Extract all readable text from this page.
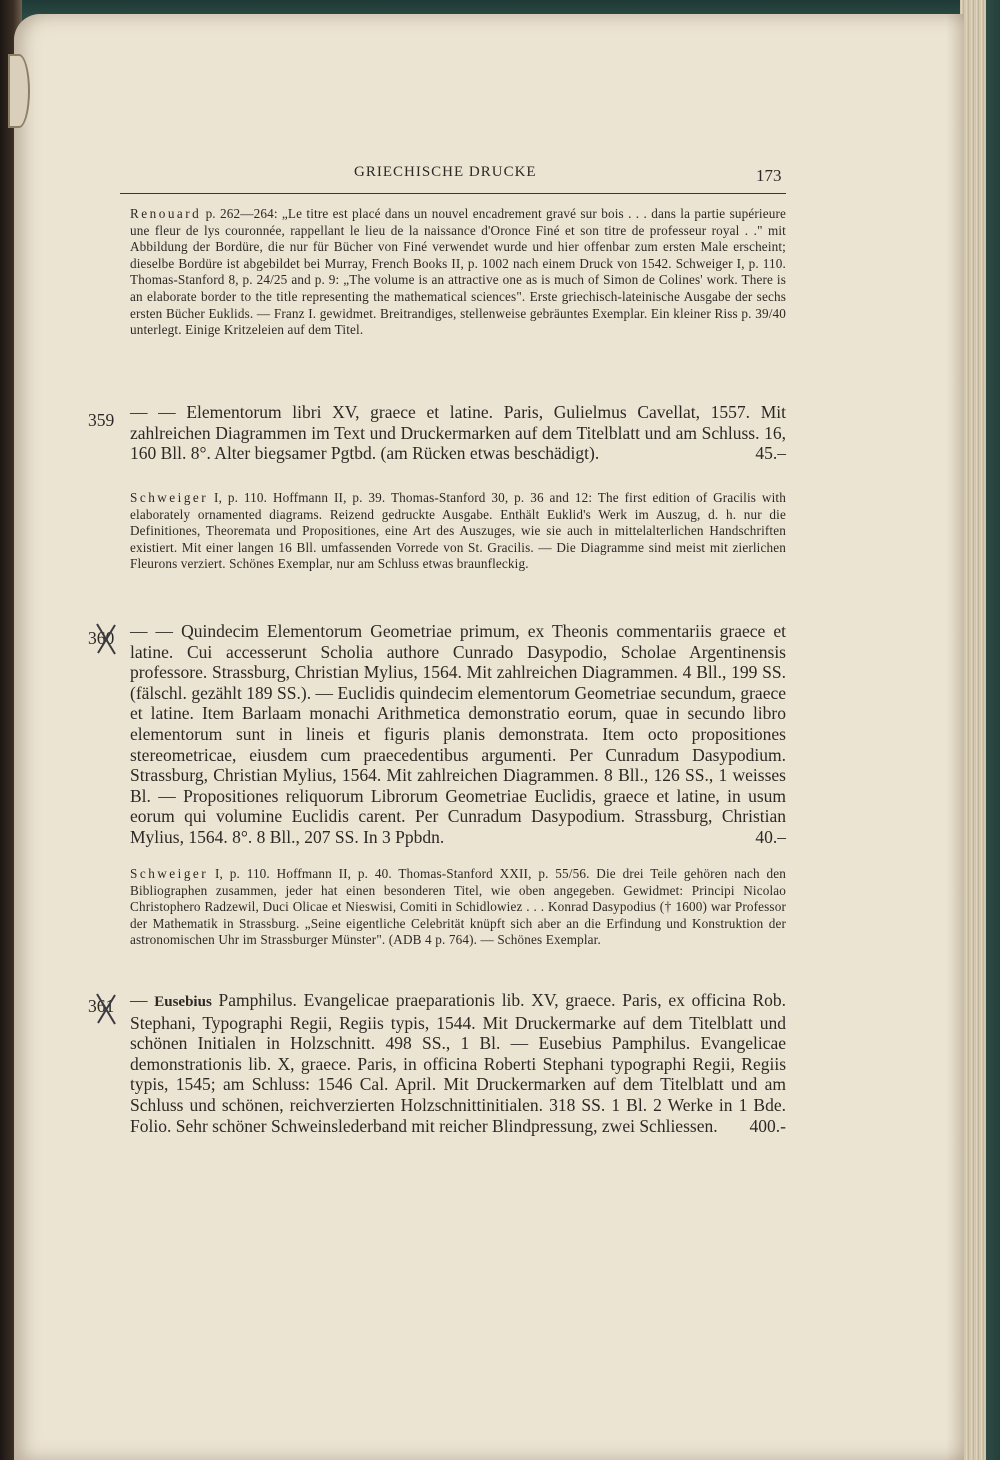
GRIECHISCHE DRUCKE	173

Renouard p. 262—264: „Le titre est placé dans un nouvel encadrement gravé sur bois . . . dans la partie supérieure une fleur de lys couronnée, rappellant le lieu de la naissance d'Oronce Finé et son titre de professeur royal . ." mit Abbildung der Bordüre, die nur für Bücher von Finé verwendet wurde und hier offenbar zum ersten Male erscheint; dieselbe Bordüre ist abgebildet bei Murray, French Books II, p. 1002 nach einem Druck von 1542. Schweiger I, p. 110. Thomas-Stanford 8, p. 24/25 and p. 9: „The volume is an attractive one as is much of Simon de Colines' work. There is an elaborate border to the title representing the mathematical sciences". Erste griechisch-lateinische Ausgabe der sechs ersten Bücher Euklids. — Franz I. gewidmet. Breitrandiges, stellenweise gebräuntes Exemplar. Ein kleiner Riss p. 39/40 unterlegt. Einige Kritzeleien auf dem Titel.

359 — — Elementorum libri XV, graece et latine. Paris, Gulielmus Cavellat, 1557. Mit zahlreichen Diagrammen im Text und Druckermarken auf dem Titelblatt und am Schluss. 16, 160 Bll. 8°. Alter biegsamer Pgtbd. (am Rücken etwas beschädigt).	45.–

Schweiger I, p. 110. Hoffmann II, p. 39. Thomas-Stanford 30, p. 36 and 12: The first edition of Gracilis with elaborately ornamented diagrams. Reizend gedruckte Ausgabe. Enthält Euklid's Werk im Auszug, d. h. nur die Definitiones, Theoremata und Propositiones, eine Art des Auszuges, wie sie auch in mittelalterlichen Handschriften existiert. Mit einer langen 16 Bll. umfassenden Vorrede von St. Gracilis. — Die Diagramme sind meist mit zierlichen Fleurons verziert. Schönes Exemplar, nur am Schluss etwas braunfleckig.

360 — — Quindecim Elementorum Geometriae primum, ex Theonis commentariis graece et latine. Cui accesserunt Scholia authore Cunrado Dasypodio, Scholae Argentinensis professore. Strassburg, Christian Mylius, 1564. Mit zahlreichen Diagrammen. 4 Bll., 199 SS. (fälschl. gezählt 189 SS.). — Euclidis quindecim elementorum Geometriae secundum, graece et latine. Item Barlaam monachi Arithmetica demonstratio eorum, quae in secundo libro elementorum sunt in lineis et figuris planis demonstrata. Item octo propositiones stereometricae, eiusdem cum praecedentibus argumenti. Per Cunradum Dasypodium. Strassburg, Christian Mylius, 1564. Mit zahlreichen Diagrammen. 8 Bll., 126 SS., 1 weisses Bl. — Propositiones reliquorum Librorum Geometriae Euclidis, graece et latine, in usum eorum qui volumine Euclidis carent. Per Cunradum Dasypodium. Strassburg, Christian Mylius, 1564. 8°. 8 Bll., 207 SS. In 3 Ppbdn.	40.–

Schweiger I, p. 110. Hoffmann II, p. 40. Thomas-Stanford XXII, p. 55/56. Die drei Teile gehören nach den Bibliographen zusammen, jeder hat einen besonderen Titel, wie oben angegeben. Gewidmet: Principi Nicolao Christophero Radzewil, Duci Olicae et Nieswisi, Comiti in Schidlowiez . . . Konrad Dasypodius († 1600) war Professor der Mathematik in Strassburg. „Seine eigentliche Celebrität knüpft sich aber an die Erfindung und Konstruktion der astronomischen Uhr im Strassburger Münster". (ADB 4 p. 764). — Schönes Exemplar.

361 — Eusebius Pamphilus. Evangelicae praeparationis lib. XV, graece. Paris, ex officina Rob. Stephani, Typographi Regii, Regiis typis, 1544. Mit Druckermarke auf dem Titelblatt und schönen Initialen in Holzschnitt. 498 SS., 1 Bl. — Eusebius Pamphilus. Evangelicae demonstrationis lib. X, graece. Paris, in officina Roberti Stephani typographi Regii, Regiis typis, 1545; am Schluss: 1546 Cal. April. Mit Druckermarken auf dem Titelblatt und am Schluss und schönen, reichverzierten Holzschnittinitialen. 318 SS. 1 Bl. 2 Werke in 1 Bde. Folio. Sehr schöner Schweinslederband mit reicher Blindpressung, zwei Schliessen. 400.-
